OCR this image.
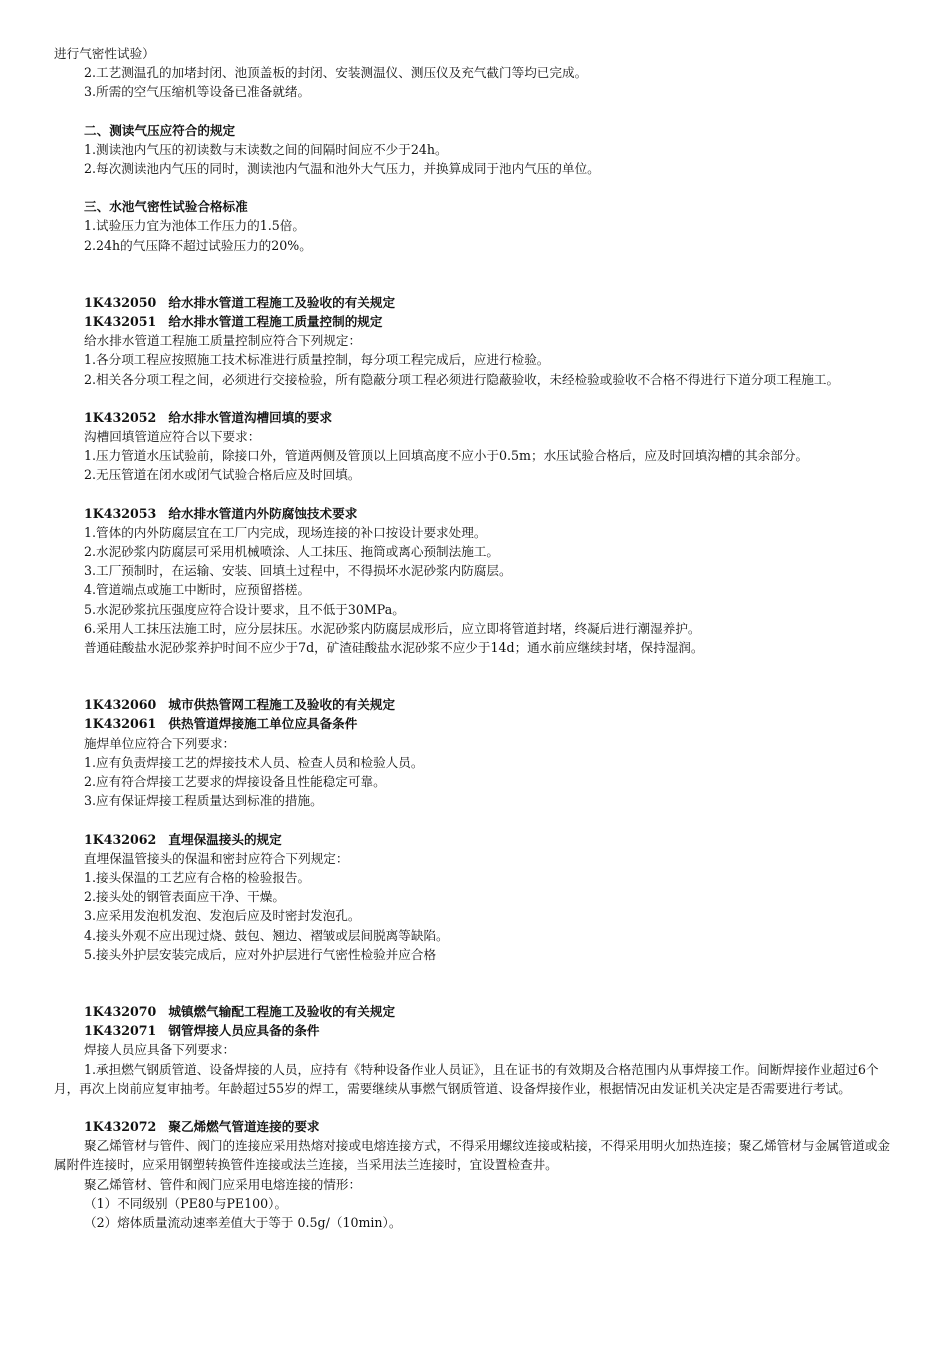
进行气密性试验）
2.工艺测温孔的加堵封闭、池顶盖板的封闭、安装测温仪、测压仪及充气截门等均已完成。
3.所需的空气压缩机等设备已准备就绪。
二、测读气压应符合的规定
1.测读池内气压的初读数与末读数之间的间隔时间应不少于24h。
2.每次测读池内气压的同时，测读池内气温和池外大气压力，并换算成同于池内气压的单位。
三、水池气密性试验合格标准
1.试验压力宜为池体工作压力的1.5倍。
2.24h的气压降不超过试验压力的20%。
1K432050 给水排水管道工程施工及验收的有关规定
1K432051 给水排水管道工程施工质量控制的规定
给水排水管道工程施工质量控制应符合下列规定：
1.各分项工程应按照施工技术标准进行质量控制，每分项工程完成后，应进行检验。
2.相关各分项工程之间，必须进行交接检验，所有隐蔽分项工程必须进行隐蔽验收，未经检验或验收不合格不得进行下道分项工程施工。
1K432052 给水排水管道沟槽回填的要求
沟槽回填管道应符合以下要求：
1.压力管道水压试验前，除接口外，管道两侧及管顶以上回填高度不应小于0.5m；水压试验合格后，应及时回填沟槽的其余部分。
2.无压管道在闭水或闭气试验合格后应及时回填。
1K432053 给水排水管道内外防腐蚀技术要求
1.管体的内外防腐层宜在工厂内完成，现场连接的补口按设计要求处理。
2.水泥砂浆内防腐层可采用机械喷涂、人工抹压、拖筒或离心预制法施工。
3.工厂预制时，在运输、安装、回填土过程中，不得损坏水泥砂浆内防腐层。
4.管道端点或施工中断时，应预留搭槎。
5.水泥砂浆抗压强度应符合设计要求，且不低于30MPa。
6.采用人工抹压法施工时，应分层抹压。水泥砂浆内防腐层成形后，应立即将管道封堵，终凝后进行潮湿养护。
普通硅酸盐水泥砂浆养护时间不应少于7d，矿渣硅酸盐水泥砂浆不应少于14d；通水前应继续封堵，保持湿润。
1K432060 城市供热管网工程施工及验收的有关规定
1K432061 供热管道焊接施工单位应具备条件
施焊单位应符合下列要求：
1.应有负责焊接工艺的焊接技术人员、检查人员和检验人员。
2.应有符合焊接工艺要求的焊接设备且性能稳定可靠。
3.应有保证焊接工程质量达到标准的措施。
1K432062 直埋保温接头的规定
直埋保温管接头的保温和密封应符合下列规定：
1.接头保温的工艺应有合格的检验报告。
2.接头处的钢管表面应干净、干燥。
3.应采用发泡机发泡、发泡后应及时密封发泡孔。
4.接头外观不应出现过烧、鼓包、翘边、褶皱或层间脱离等缺陷。
5.接头外护层安装完成后，应对外护层进行气密性检验并应合格
1K432070 城镇燃气输配工程施工及验收的有关规定
1K432071 钢管焊接人员应具备的条件
焊接人员应具备下列要求：
1.承担燃气钢质管道、设备焊接的人员，应持有《特种设备作业人员证》，且在证书的有效期及合格范围内从事焊接工作。间断焊接作业超过6个月，再次上岗前应复审抽考。年龄超过55岁的焊工，需要继续从事燃气钢质管道、设备焊接作业，根据情况由发证机关决定是否需要进行考试。
1K432072 聚乙烯燃气管道连接的要求
聚乙烯管材与管件、阀门的连接应采用热熔对接或电熔连接方式，不得采用螺纹连接或粘接，不得采用明火加热连接；聚乙烯管材与金属管道或金属附件连接时，应采用钢塑转换管件连接或法兰连接，当采用法兰连接时，宜设置检查井。
聚乙烯管材、管件和阀门应采用电熔连接的情形：
（1）不同级别（PE80与PE100）。
（2）熔体质量流动速率差值大于等于 0.5g/（10min）。
